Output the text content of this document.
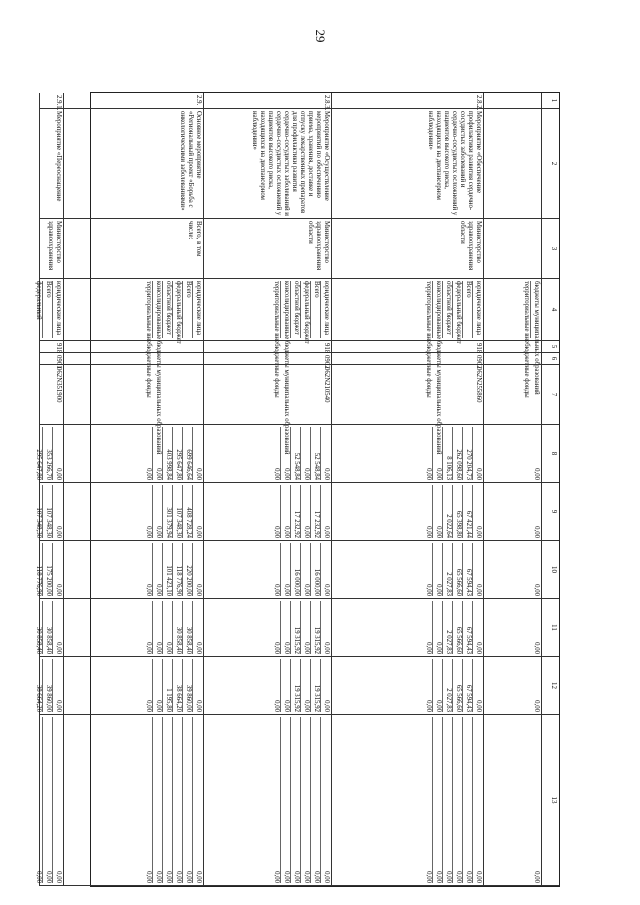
29
1
2
3
4
5
6
7
8
9
10
11
12
13
бюджеты муниципальных образований
территориальные внебюджетные фонды
0,00
0,00
0,00
0,00
0,00
0,00
2.8.2.
Мероприятие «Обеспечение профилактики развития сердечно-сосудистых заболеваний и сердечно-сосудистых осложнений у пациентов высокого риска, находящихся на диспансерном наблюдении»
Министерство здравоохранения области
юридические лица
Всего
федеральный бюджет
областной бюджет
консолидированные бюджеты муниципальных образований
территориальные внебюджетные фонды	918
0902
062N255860
0,00
270 204,73
262 098,60
8 106,13
0,00
0,00
0,00
67 421,44
65 398,80
2 022,64
0,00
0,00
0,00
67 594,43
65 566,60
2 027,83
0,00
0,00
0,00
67 594,43
65 566,60
2 027,83
0,00
0,00
0,00
67 594,43
65 566,60
2 027,83
0,00
0,00
0,00
0,00
0,00
0,00
0,00
0,00
2.8.3.
Мероприятие «Осуществление мероприятий по обеспечению приема, хранения, доставке и отпуску лекарственных препаратов для профилактики развития сердечно-сосудистых заболеваний и сердечно-сосудистых осложнений у пациентов высокого риска, находящихся на диспансерном наблюдении»
Министерство здравоохранения области
юридические лица
Всего
федеральный бюджет
областной бюджет
консолидированные бюджеты муниципальных образований
территориальные внебюджетные фонды	918
0902
062N210540
0,00
52 548,84
0,00
52 548,84
0,00
0,00
0,00
17 232,92
0,00
17 232,92
0,00
0,00
0,00
16 000,00
0,00
16 000,00
0,00
0,00
0,00
19 315,92
0,00
19 315,92
0,00
0,00
0,00
19 315,92
0,00
19 315,92
0,00
0,00
0,00
0,00
0,00
0,00
0,00
0,00
2.9.
Основное мероприятие «Региональный проект «Борьба с онкологическими заболеваниями»
Всего, в том числе:
юридические лица
Всего
федеральный бюджет
областной бюджет
консолидированные бюджеты муниципальных образований
территориальные внебюджетные фонды
0,00
699 646,64
295 647,80
403 998,84
0,00
0,00
0,00
408 728,24
107 348,30
301 379,94
0,00
0,00
0,00
220 200,00
118 776,90
101 423,10
0,00
0,00
0,00
30 858,40
30 858,40
0,00
0,00
0,00
0,00
39 860,00
38 664,20
1 195,80
0,00
0,00
0,00
0,00
0,00
0,00
0,00
0,00
2.9.1.
Мероприятие «Переоснащение
Министерство здравоохранения
юридические лица
Всего
федеральный
918
0901
062N351900
0,00
353 266,70
295 647,80
0,00
107 348,30
107 348,30
0,00
175 200,00
118 776,90
0,00
30 858,40
30 858,40
0,00
39 860,00
38 664,20
0,00
0,00
0,00
